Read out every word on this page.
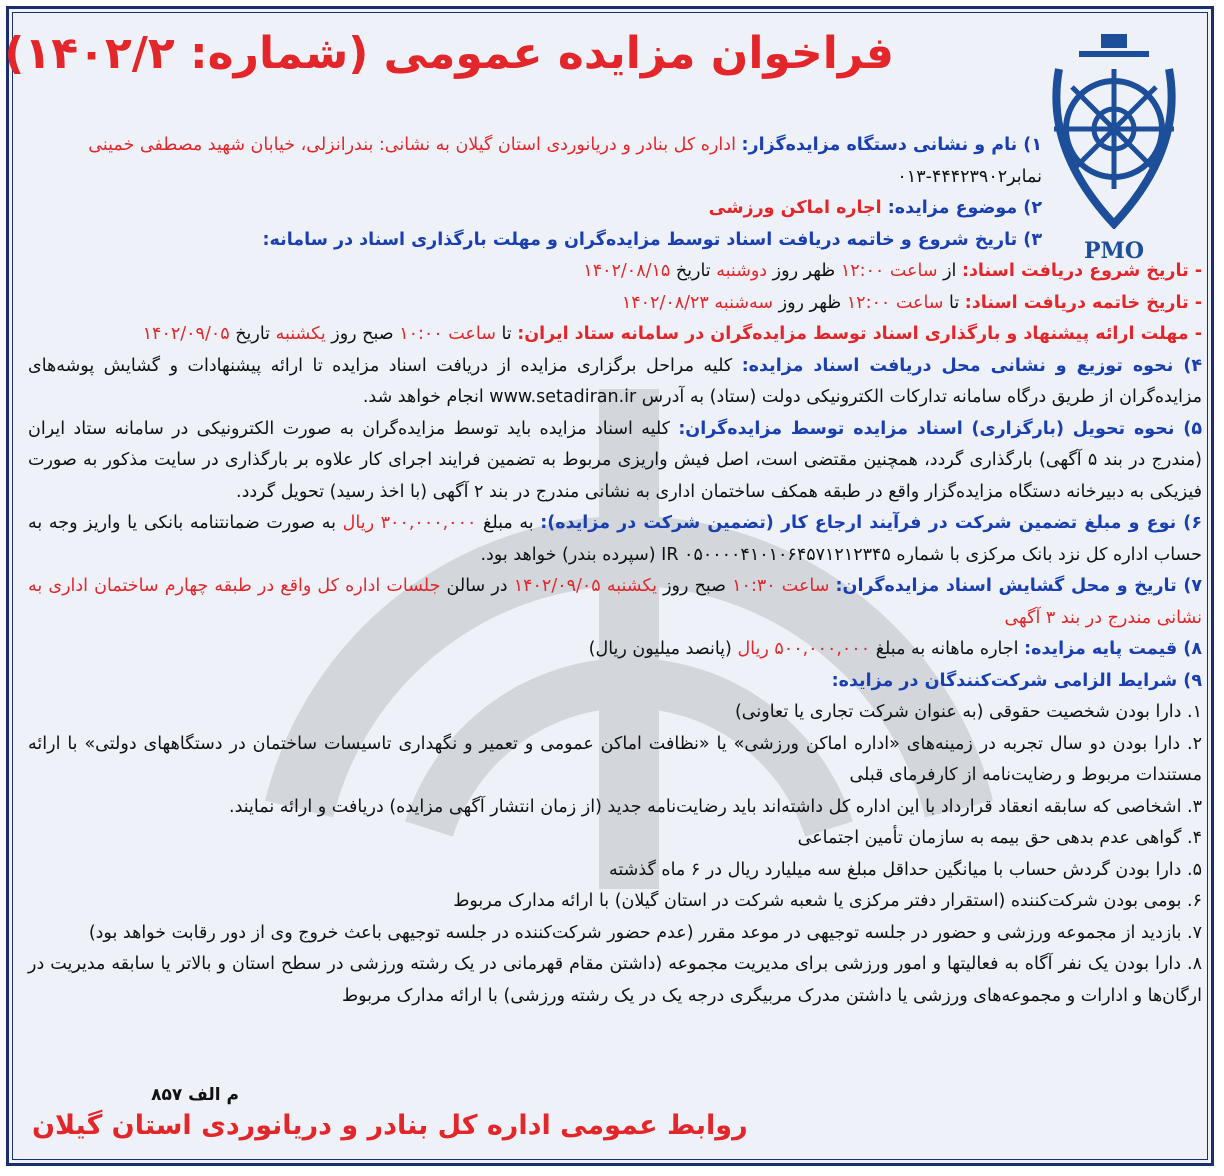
PMO
فراخوان مزایده عمومی (شماره: ۱۴۰۲/۲)

۱) نام و نشانی دستگاه مزایده‌گزار: اداره کل بنادر و دریانوردی استان گیلان به نشانی: بندرانزلی، خیابان شهید مصطفی خمینی

نمابر۴۴۴۲۳۹۰۲-۰۱۳

۲) موضوع مزایده: اجاره اماکن ورزشی

۳) تاریخ شروع و خاتمه دریافت اسناد توسط مزایده‌گران و مهلت بارگذاری اسناد در سامانه:

- تاریخ شروع دریافت اسناد: از ساعت ۱۲:۰۰ ظهر روز دوشنبه تاریخ ۱۴۰۲/۰۸/۱۵

- تاریخ خاتمه دریافت اسناد: تا ساعت ۱۲:۰۰ ظهر روز سه‌شنبه ۱۴۰۲/۰۸/۲۳

- مهلت ارائه پیشنهاد و بارگذاری اسناد توسط مزایده‌گران در سامانه ستاد ایران: تا ساعت ۱۰:۰۰ صبح روز یکشنبه تاریخ ۱۴۰۲/۰۹/۰۵

۴) نحوه توزیع و نشانی محل دریافت اسناد مزایده: کلیه مراحل برگزاری مزایده از دریافت اسناد مزایده تا ارائه پیشنهادات و گشایش پوشه‌های مزایده‌گران از طریق درگاه سامانه تدارکات الکترونیکی دولت (ستاد) به آدرس www.setadiran.ir انجام خواهد شد.

۵) نحوه تحویل (بارگزاری) اسناد مزایده توسط مزایده‌گران: کلیه اسناد مزایده باید توسط مزایده‌گران به صورت الکترونیکی در سامانه ستاد ایران (مندرج در بند ۵ آگهی) بارگذاری گردد، همچنین مقتضی است، اصل فیش واریزی مربوط به تضمین فرایند اجرای کار علاوه بر بارگذاری در سایت مذکور به صورت فیزیکی به دبیرخانه دستگاه مزایده‌گزار واقع در طبقه همکف ساختمان اداری به نشانی مندرج در بند ۲ آگهی (با اخذ رسید) تحویل گردد.

۶) نوع و مبلغ تضمین شرکت در فرآیند ارجاع کار (تضمین شرکت در مزایده): به مبلغ ۳۰۰,۰۰۰,۰۰۰ ریال به صورت ضمانتنامه بانکی یا واریز وجه به حساب اداره کل نزد بانک مرکزی با شماره IR ۰۵۰۰۰۰۴۱۰۱۰۶۴۵۷۱۲۱۲۳۴۵ (سپرده بندر) خواهد بود.

۷) تاریخ و محل گشایش اسناد مزایده‌گران: ساعت ۱۰:۳۰ صبح روز یکشنبه ۱۴۰۲/۰۹/۰۵ در سالن جلسات اداره کل واقع در طبقه چهارم ساختمان اداری به نشانی مندرج در بند ۳ آگهی

۸) قیمت پایه مزایده: اجاره ماهانه به مبلغ ۵۰۰,۰۰۰,۰۰۰ ریال (پانصد میلیون ریال)

۹) شرایط الزامی شرکت‌کنندگان در مزایده:

۱. دارا بودن شخصیت حقوقی (به عنوان شرکت تجاری یا تعاونی)

۲. دارا بودن دو سال تجربه در زمینه‌های «اداره اماکن ورزشی» یا «نظافت اماکن عمومی و تعمیر و نگهداری تاسیسات ساختمان در دستگاههای دولتی» با ارائه مستندات مربوط و رضایت‌نامه از کارفرمای قبلی

۳. اشخاصی که سابقه انعقاد قرارداد با این اداره کل داشته‌اند باید رضایت‌نامه جدید (از زمان انتشار آگهی مزایده) دریافت و ارائه نمایند.

۴. گواهی عدم بدهی حق بیمه به سازمان تأمین اجتماعی

۵. دارا بودن گردش حساب با میانگین حداقل مبلغ سه میلیارد ریال در ۶ ماه گذشته

۶. بومی بودن شرکت‌کننده (استقرار دفتر مرکزی یا شعبه شرکت در استان گیلان) با ارائه مدارک مربوط

۷. بازدید از مجموعه ورزشی و حضور در جلسه توجیهی در موعد مقرر (عدم حضور شرکت‌کننده در جلسه توجیهی باعث خروج وی از دور رقابت خواهد بود)

۸. دارا بودن یک نفر آگاه به فعالیتها و امور ورزشی برای مدیریت مجموعه (داشتن مقام قهرمانی در یک رشته ورزشی در سطح استان و بالاتر یا سابقه مدیریت در ارگان‌ها و ادارات و مجموعه‌های ورزشی یا داشتن مدرک مربیگری درجه یک در یک رشته ورزشی) با ارائه مدارک مربوط

م الف ۸۵۷
روابط عمومی اداره کل بنادر و دریانوردی استان گیلان
